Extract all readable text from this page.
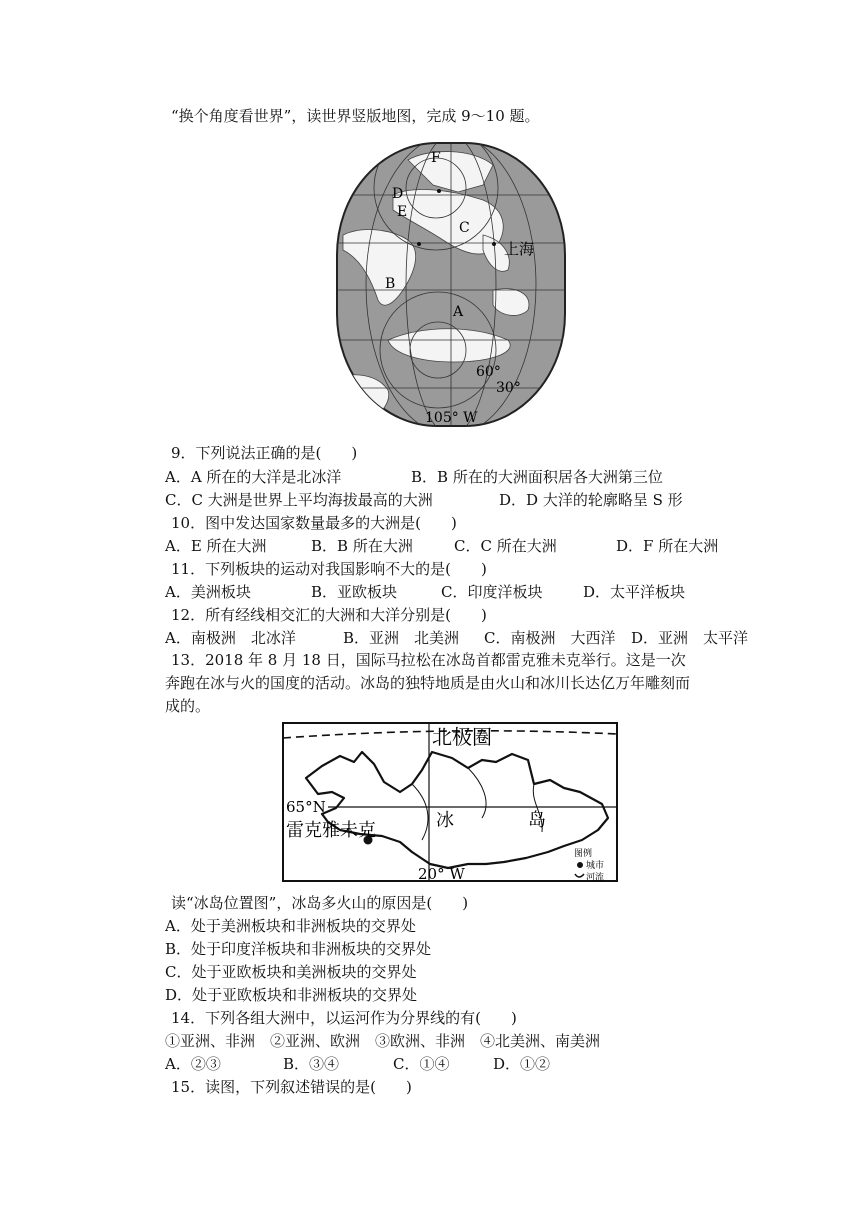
“换个角度看世界”，读世界竖版地图，完成 9～10 题。
F
D
E
C
B
A
上海
60°
30°
105° W
9．下列说法正确的是(　　)
A．A 所在的大洋是北冰洋	B．B 所在的大洲面积居各大洲第三位
C．C 大洲是世界上平均海拔最高的大洲	D．D 大洋的轮廓略呈 S 形
10．图中发达国家数量最多的大洲是(　　)
A．E 所在大洲	B．B 所在大洲	C．C 所在大洲	D．F 所在大洲
11．下列板块的运动对我国影响不大的是(　　)
A．美洲板块	B．亚欧板块	C．印度洋板块	D．太平洋板块
12．所有经线相交汇的大洲和大洋分别是(　　)
A．南极洲　北冰洋	B．亚洲　北美洲 C．南极洲　大西洋 D．亚洲　太平洋
13．2018 年 8 月 18 日，国际马拉松在冰岛首都雷克雅未克举行。这是一次
奔跑在冰与火的国度的活动。冰岛的独特地质是由火山和冰川长达亿万年雕刻而
成的。
北极圈
65°N
雷克雅未克	冰	岛
20° W
图例
城市
河流
读“冰岛位置图”，冰岛多火山的原因是(　　)
A．处于美洲板块和非洲板块的交界处
B．处于印度洋板块和非洲板块的交界处
C．处于亚欧板块和美洲板块的交界处
D．处于亚欧板块和非洲板块的交界处
14．下列各组大洲中，以运河作为分界线的有(　　)
①亚洲、非洲　②亚洲、欧洲　③欧洲、非洲　④北美洲、南美洲
A．②③	B．③④	C．①④	D．①②
15．读图，下列叙述错误的是(　　)
